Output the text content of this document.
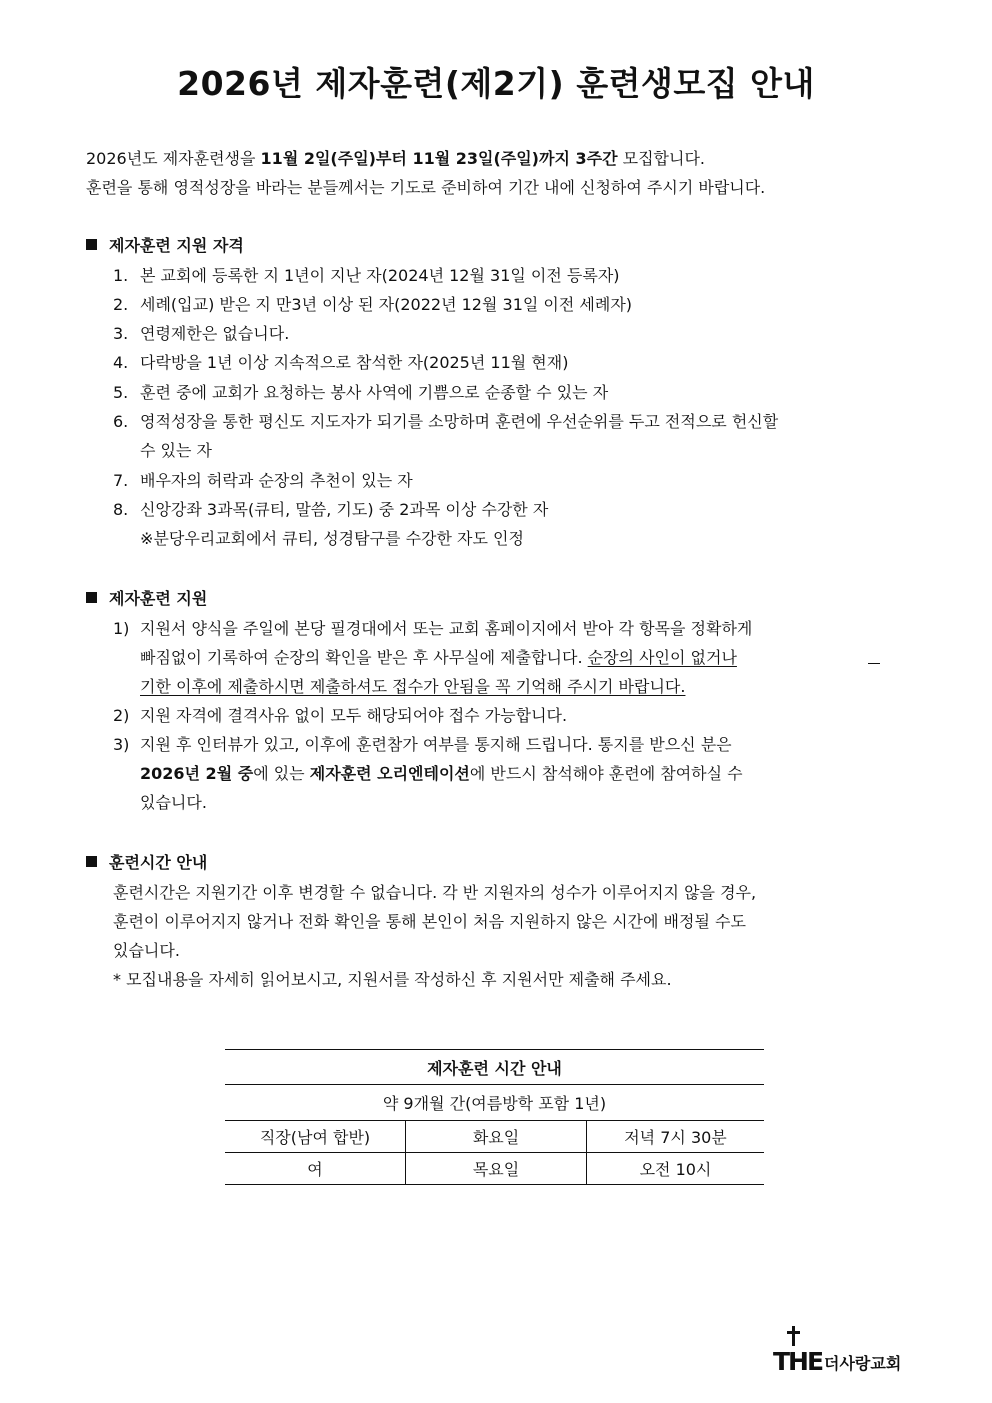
2026년 제자훈련(제2기) 훈련생모집 안내
2026년도 제자훈련생을 11월 2일(주일)부터 11월 23일(주일)까지 3주간 모집합니다.
훈련을 통해 영적성장을 바라는 분들께서는 기도로 준비하여 기간 내에 신청하여 주시기 바랍니다.
제자훈련 지원 자격
1. 본 교회에 등록한 지 1년이 지난 자(2024년 12월 31일 이전 등록자)
2. 세례(입교) 받은 지 만3년 이상 된 자(2022년 12월 31일 이전 세례자)
3. 연령제한은 없습니다.
4. 다락방을 1년 이상 지속적으로 참석한 자(2025년 11월 현재)
5. 훈련 중에 교회가 요청하는 봉사 사역에 기쁨으로 순종할 수 있는 자
6. 영적성장을 통한 평신도 지도자가 되기를 소망하며 훈련에 우선순위를 두고 전적으로 헌신할
수 있는 자
7. 배우자의 허락과 순장의 추천이 있는 자
8. 신앙강좌 3과목(큐티, 말씀, 기도) 중 2과목 이상 수강한 자
※분당우리교회에서 큐티, 성경탐구를 수강한 자도 인정
제자훈련 지원
1) 지원서 양식을 주일에 본당 필경대에서 또는 교회 홈페이지에서 받아 각 항목을 정확하게
빠짐없이 기록하여 순장의 확인을 받은 후 사무실에 제출합니다. 순장의 사인이 없거나
기한 이후에 제출하시면 제출하셔도 접수가 안됨을 꼭 기억해 주시기 바랍니다.
2) 지원 자격에 결격사유 없이 모두 해당되어야 접수 가능합니다.
3) 지원 후 인터뷰가 있고, 이후에 훈련참가 여부를 통지해 드립니다. 통지를 받으신 분은
2026년 2월 중에 있는 제자훈련 오리엔테이션에 반드시 참석해야 훈련에 참여하실 수
있습니다.
훈련시간 안내
훈련시간은 지원기간 이후 변경할 수 없습니다. 각 반 지원자의 성수가 이루어지지 않을 경우,
훈련이 이루어지지 않거나 전화 확인을 통해 본인이 처음 지원하지 않은 시간에 배정될 수도
있습니다.
* 모집내용을 자세히 읽어보시고, 지원서를 작성하신 후 지원서만 제출해 주세요.
제자훈련 시간 안내		
약 9개월 간(여름방학 포함 1년)		
직장(남여 합반)	화요일	저녁 7시 30분
여	목요일	오전 10시
THE 더사랑교회
